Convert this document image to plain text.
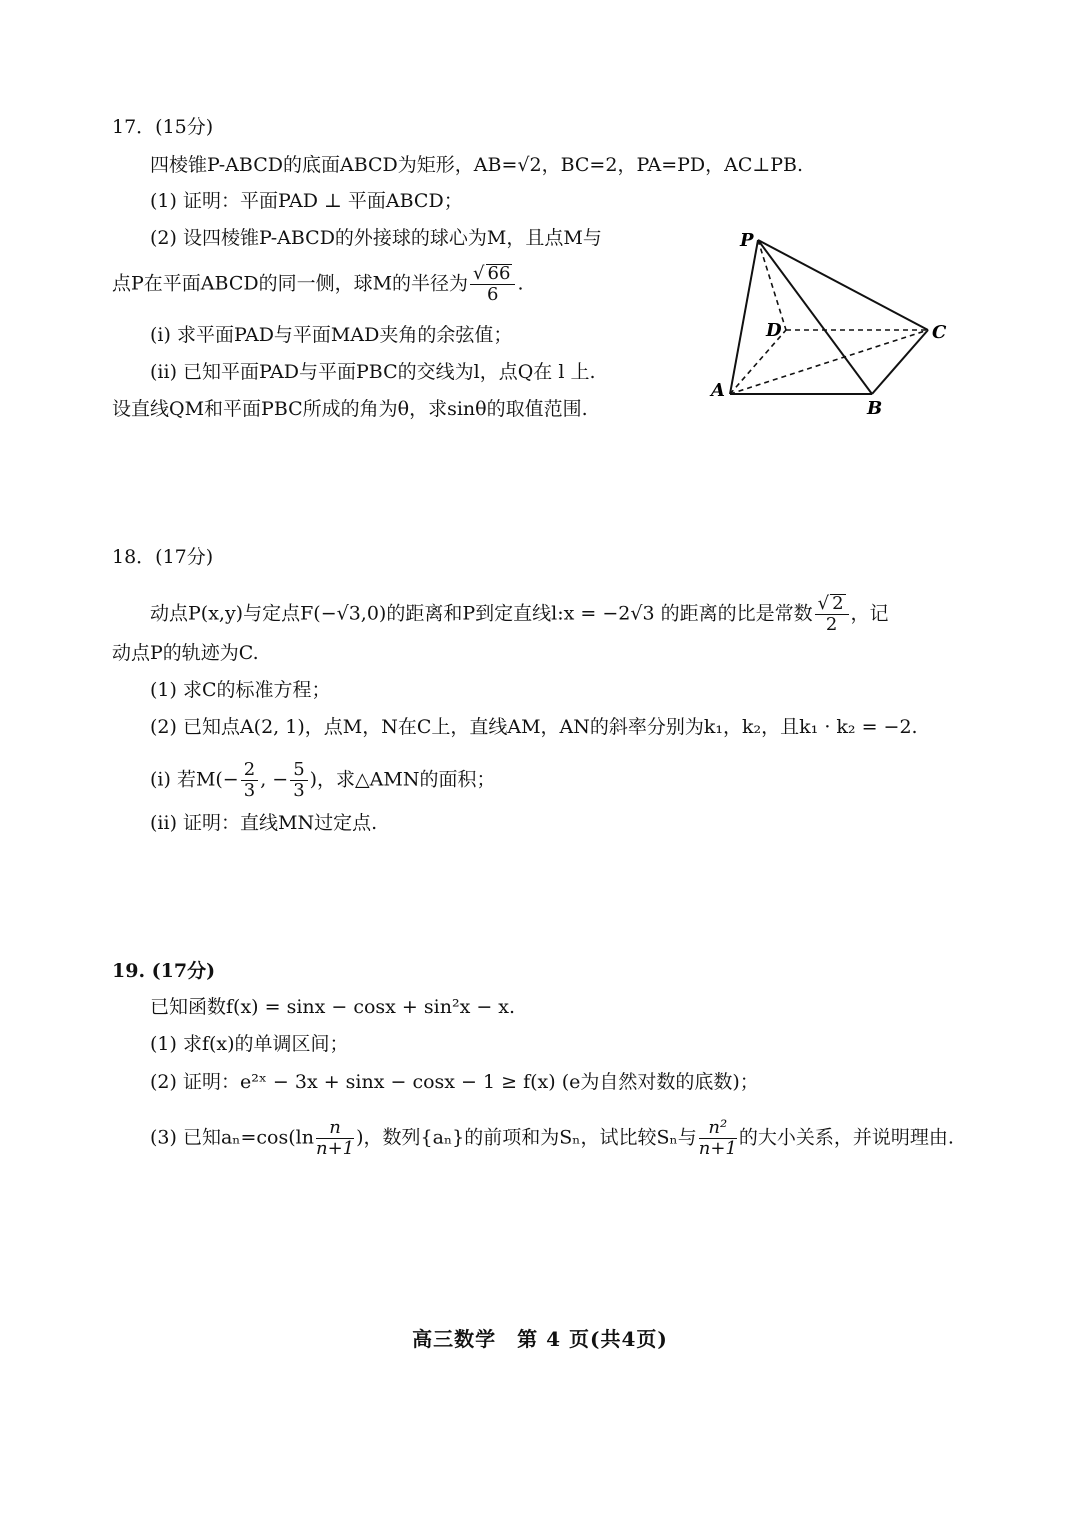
17．(15分)
四棱锥P-ABCD的底面ABCD为矩形，AB=√2，BC=2，PA=PD，AC⊥PB.
(1) 证明：平面PAD ⊥ 平面ABCD；
(2) 设四棱锥P-ABCD的外接球的球心为M，且点M与
点P在平面ABCD的同一侧，球M的半径为 $\frac{√ 66}{6}$ .
(i) 求平面PAD与平面MAD夹角的余弦值；
(ii) 已知平面PAD与平面PBC的交线为l，点Q在 l 上.
设直线QM和平面PBC所成的角为θ，求sinθ的取值范围.
P
D	C
A
B
18．(17分)
动点P(x,y)与定点F(−√3,0)的距离和P到定直线l:x = −2√3 的距离的比是常数 $\frac{√ 2}{2}$ ，记
动点P的轨迹为C.
(1) 求C的标准方程；
(2) 已知点A(2, 1)，点M，N在C上，直线AM，AN的斜率分别为k₁，k₂，且k₁ · k₂ = −2.
(i) 若$M(- \frac{2}{3}$ , − $\frac{5}{3}$ )，求△AMN的面积；
(ii) 证明：直线MN过定点.
19. (17分)
已知函数f(x) = sinx − cosx + sin²x − x.
(1) 求f(x)的单调区间；
(2) 证明：e²ˣ − 3x + sinx − cosx − 1 ≥ f(x) (e为自然对数的底数)；
(3) 已知$a_n=\cos(\ln \frac{n}{n+1}$ )，数列{aₙ}的前项和为Sₙ，试比较Sₙ与 $\frac{\text{n²}}{n+1}$ 的大小关系，并说明理由.
高三数学　第 4 页(共4页)
